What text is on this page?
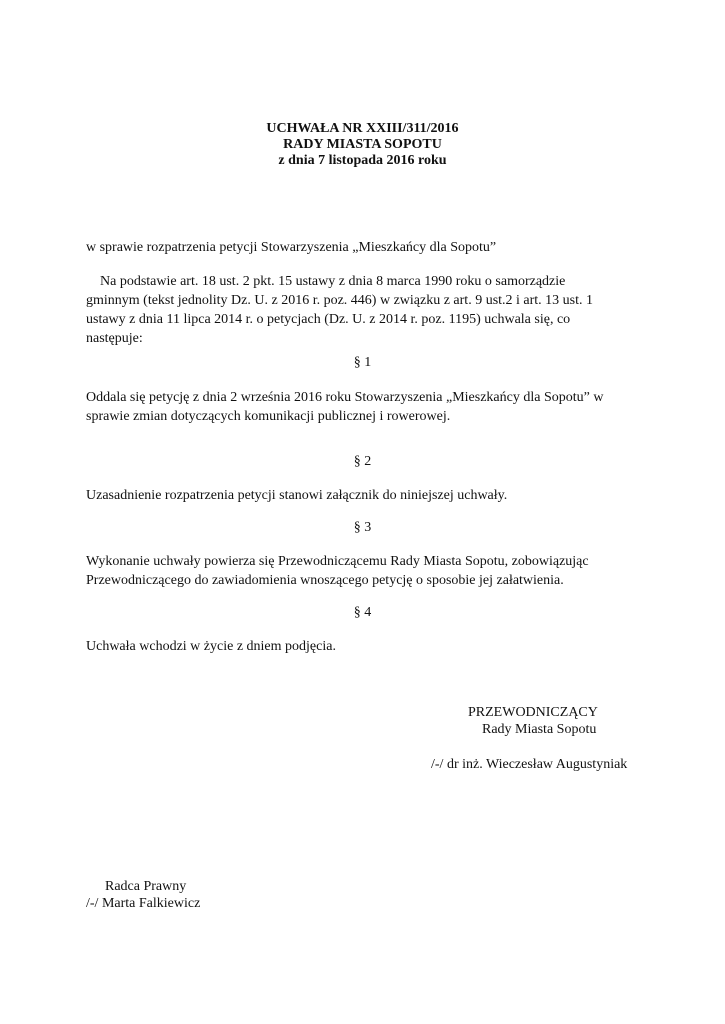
UCHWAŁA NR XXIII/311/2016
RADY MIASTA SOPOTU
z dnia 7 listopada 2016 roku
w sprawie rozpatrzenia petycji Stowarzyszenia „Mieszkańcy dla Sopotu”
Na podstawie art. 18 ust. 2 pkt. 15 ustawy z dnia 8 marca 1990 roku o samorządzie
gminnym (tekst jednolity Dz. U. z 2016 r. poz. 446) w związku z art. 9 ust.2 i art. 13 ust. 1
ustawy z dnia 11 lipca 2014 r. o petycjach (Dz. U. z 2014 r. poz. 1195) uchwala się, co
następuje:
§ 1
Oddala się petycję z dnia 2 września 2016 roku Stowarzyszenia „Mieszkańcy dla Sopotu” w
sprawie zmian dotyczących komunikacji publicznej i rowerowej.
§ 2
Uzasadnienie rozpatrzenia petycji stanowi załącznik do niniejszej uchwały.
§ 3
Wykonanie uchwały powierza się Przewodniczącemu Rady Miasta Sopotu, zobowiązując
Przewodniczącego do zawiadomienia wnoszącego petycję o sposobie jej załatwienia.
§ 4
Uchwała wchodzi w życie z dniem podjęcia.
PRZEWODNICZĄCY
Rady Miasta Sopotu
/-/ dr inż. Wieczesław Augustyniak
Radca Prawny
/-/ Marta Falkiewicz
